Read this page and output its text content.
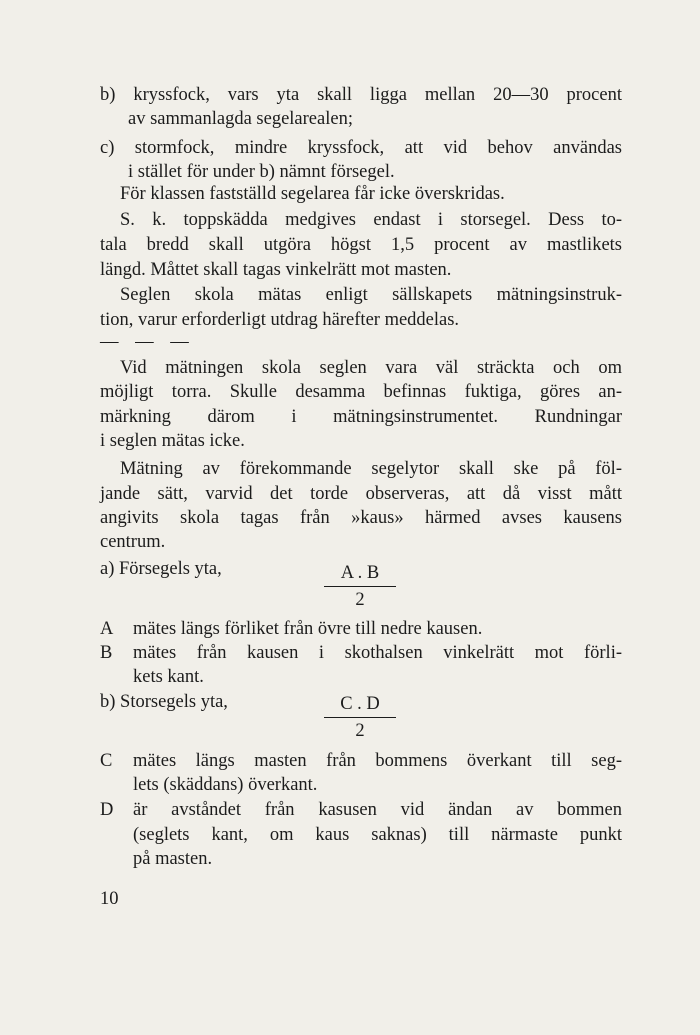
b) kryssfock, vars yta skall ligga mellan 20—30 procent
av sammanlagda segelarealen;
c) stormfock, mindre kryssfock, att vid behov användas
i stället för under b) nämnt försegel.
För klassen fastställd segelarea får icke överskridas.
S. k. toppskädda medgives endast i storsegel. Dess to-
tala bredd skall utgöra högst 1,5 procent av mastlikets
längd. Måttet skall tagas vinkelrätt mot masten.
Seglen skola mätas enligt sällskapets mätningsinstruk-
tion, varur erforderligt utdrag härefter meddelas.
— — —
Vid mätningen skola seglen vara väl sträckta och om
möjligt torra. Skulle desamma befinnas fuktiga, göres an-
märkning därom i mätningsinstrumentet. Rundningar
i seglen mätas icke.
Mätning av förekommande segelytor skall ske på föl-
jande sätt, varvid det torde observeras, att då visst mått
angivits skola tagas från »kaus» härmed avses kausens
centrum.
a) Försegels yta,	A . B
2
A mätes längs förliket från övre till nedre kausen.
B mätes från kausen i skothalsen vinkelrätt mot förli-
kets kant.
b) Storsegels yta,	C . D
2
C mätes längs masten från bommens överkant till seg-
lets (skäddans) överkant.
D är avståndet från kasusen vid ändan av bommen
(seglets kant, om kaus saknas) till närmaste punkt
på masten.
10
